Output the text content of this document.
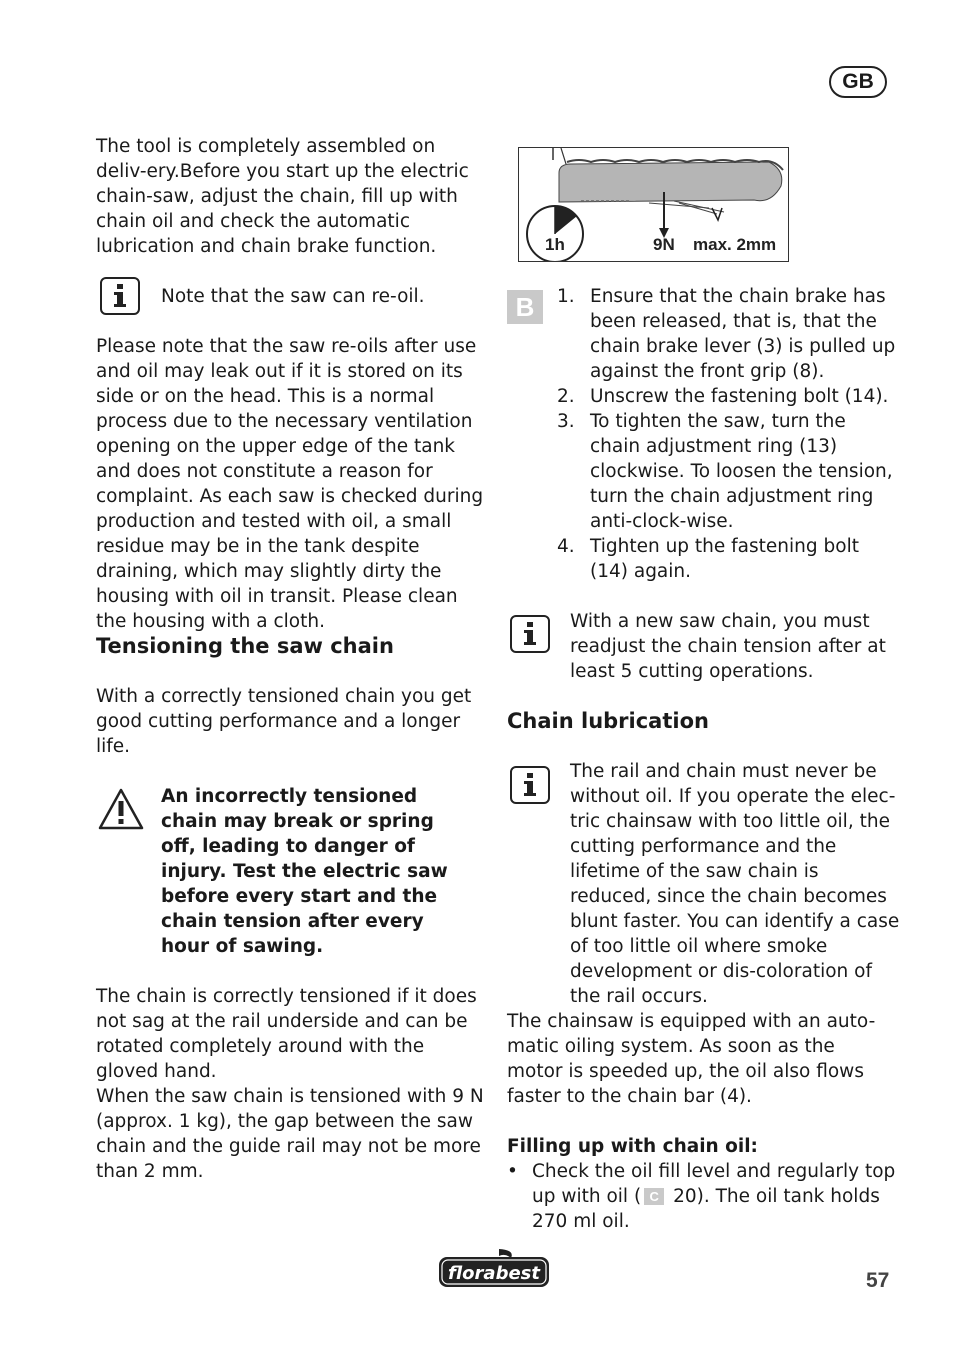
GB

The tool is completely assembled on deliv-ery.Before you start up the electric chain-saw, adjust the chain, fill up with chain oil and check the automatic lubrication and chain brake function.

Note that the saw can re-oil.

Please note that the saw re-oils after use and oil may leak out if it is stored on its side or on the head. This is a normal process due to the necessary ventilation opening on the upper edge of the tank and does not constitute a reason for complaint. As each saw is checked during production and tested with oil, a small residue may be in the tank despite draining, which may slightly dirty the housing with oil in transit. Please clean the housing with a cloth.

Tensioning the saw chain

With a correctly tensioned chain you get good cutting performance and a longer life.

An incorrectly tensioned chain may break or spring off, leading to danger of injury. Test the electric saw before every start and the chain tension after every hour of sawing.

The chain is correctly tensioned if it does not sag at the rail underside and can be rotated completely around with the gloved hand.

When the saw chain is tensioned with 9 N (approx. 1 kg), the gap between the saw chain and the guide rail may not be more than 2 mm.

1h	9N max. 2mm
B	1. Ensure that the chain brake has been released, that is, that the chain brake lever (3) is pulled up against the front grip (8).
2. Unscrew the fastening bolt (14).
3. To tighten the saw, turn the chain adjustment ring (13) clockwise. To loosen the tension, turn the chain adjustment ring anti-clock-wise.
4. Tighten up the fastening bolt (14) again.

With a new saw chain, you must readjust the chain tension after at least 5 cutting operations.

Chain lubrication

The rail and chain must never be without oil. If you operate the elec-tric chainsaw with too little oil, the cutting performance and the lifetime of the saw chain is reduced, since the chain becomes blunt faster. You can identify a case of too little oil where smoke development or dis-coloration of the rail occurs.

The chainsaw is equipped with an auto-matic oiling system. As soon as the motor is speeded up, the oil also flows faster to the chain bar (4).

Filling up with chain oil:

• Check the oil fill level and regularly top up with oil ( C 20). The oil tank holds 270 ml oil.
florabest	57
